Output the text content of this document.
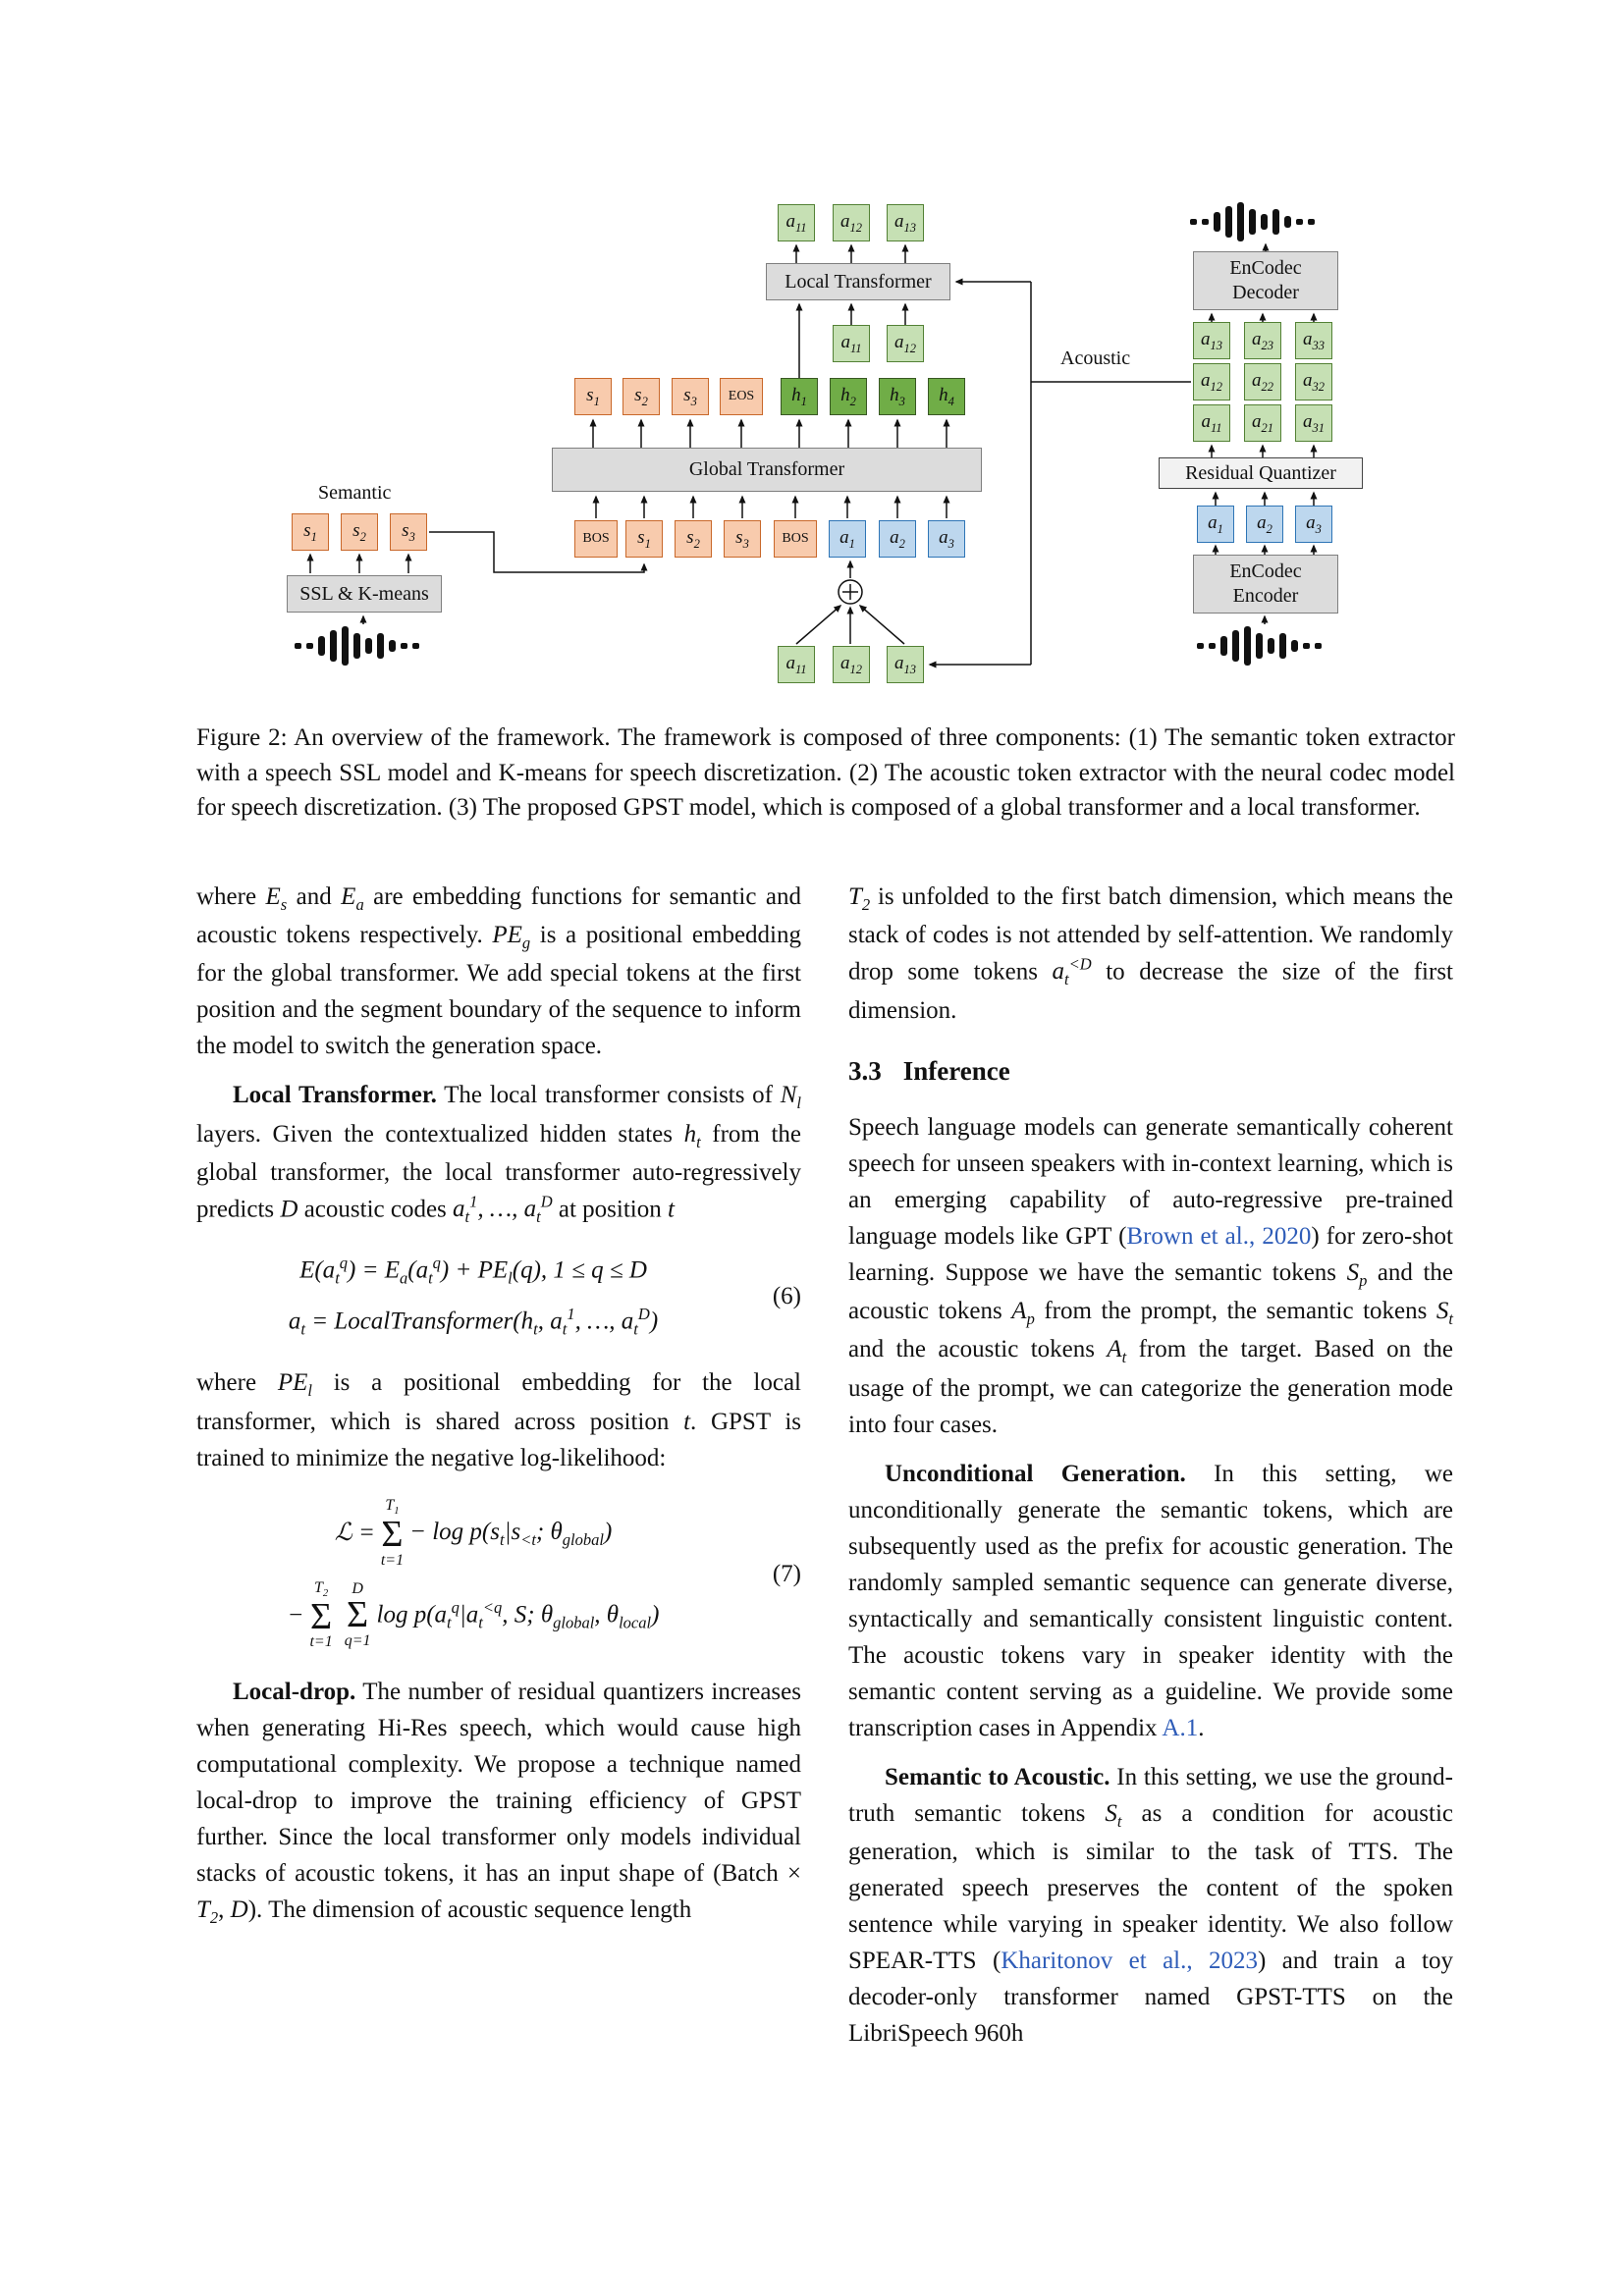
$a_{11}$ $a_{12}$ $a_{13}$
Local Transformer
$a_{11}$ $a_{12}$
$s_1$ $s_2$ $s_3$	EOS	$h_1$ $h_2$ $h_3$ $h_4$
Global Transformer
BOS	$s_1$ $s_2$ $s_3$	BOS	$a_1$ $a_2$ $a_3$
Semantic
$s_1$ $s_2$ $s_3$
SSL & K-means
$a_{11}$ $a_{12}$ $a_{13}$
Acoustic
EnCodec
Decoder
$a_{13}$ $a_{23}$ $a_{33}$
$a_{12}$ $a_{22}$ $a_{32}$
$a_{11}$ $a_{21}$ $a_{31}$
Residual Quantizer
$a_1$ $a_2$ $a_3$
EnCodec
Encoder

Figure 2: An overview of the framework. The framework is composed of three components: (1) The semantic token extractor with a speech SSL model and K-means for speech discretization. (2) The acoustic token extractor with the neural codec model for speech discretization. (3) The proposed GPST model, which is composed of a global transformer and a local transformer.

where $E_s$ and $E_a$ are embedding functions for semantic and acoustic tokens respectively. $PE_g$ is a positional embedding for the global transformer. We add special tokens at the first position and the segment boundary of the sequence to inform the model to switch the generation space.

Local Transformer. The local transformer consists of $N_l$ layers. Given the contextualized hidden states $h_t$ from the global transformer, the local transformer auto-regressively predicts D acoustic codes $a_t^1$, …, $a_t^D$ at position t

$E(a_t^q) = E_a(a_t^q) + PE_l(q)$, 1 ≤ q ≤ D
$a_t$ = $LocalTransformer(h_t$, $a_t^1$, …, $a_t^D$)
(6)

where $PE_l$ is a positional embedding for the local transformer, which is shared across position t. GPST is trained to minimize the negative log-likelihood:

ℒ =
$T_1$
Σ
t=1
− $\log p(s_t|s_{<t}$; $\theta_{global}$)
−
$T_2$
Σ
t=1
D
Σ
q=1
$\log p(a_t^q|a_t^{<q}$, S; $\theta_{global}$, $\theta_{local}$)
(7)

Local-drop. The number of residual quantizers increases when generating Hi-Res speech, which would cause high computational complexity. We propose a technique named local-drop to improve the training efficiency of GPST further. Since the local transformer only models individual stacks of acoustic tokens, it has an input shape of (Batch × $T_2$, D). The dimension of acoustic sequence length

$T_2$ is unfolded to the first batch dimension, which means the stack of codes is not attended by self-attention. We randomly drop some tokens $a_t^{<D}$ to decrease the size of the first dimension.

3.3 Inference

Speech language models can generate semantically coherent speech for unseen speakers with in-context learning, which is an emerging capability of auto-regressive pre-trained language models like GPT (Brown et al., 2020) for zero-shot learning. Suppose we have the semantic tokens $S_p$ and the acoustic tokens $A_p$ from the prompt, the semantic tokens $S_t$ and the acoustic tokens $A_t$ from the target. Based on the usage of the prompt, we can categorize the generation mode into four cases.

Unconditional Generation. In this setting, we unconditionally generate the semantic tokens, which are subsequently used as the prefix for acoustic generation. The randomly sampled semantic sequence can generate diverse, syntactically and semantically consistent linguistic content. The acoustic tokens vary in speaker identity with the semantic content serving as a guideline. We provide some transcription cases in Appendix A.1.

Semantic to Acoustic. In this setting, we use the ground-truth semantic tokens $S_t$ as a condition for acoustic generation, which is similar to the task of TTS. The generated speech preserves the content of the spoken sentence while varying in speaker identity. We also follow SPEAR-TTS (Kharitonov et al., 2023) and train a toy decoder-only transformer named GPST-TTS on the LibriSpeech 960h
